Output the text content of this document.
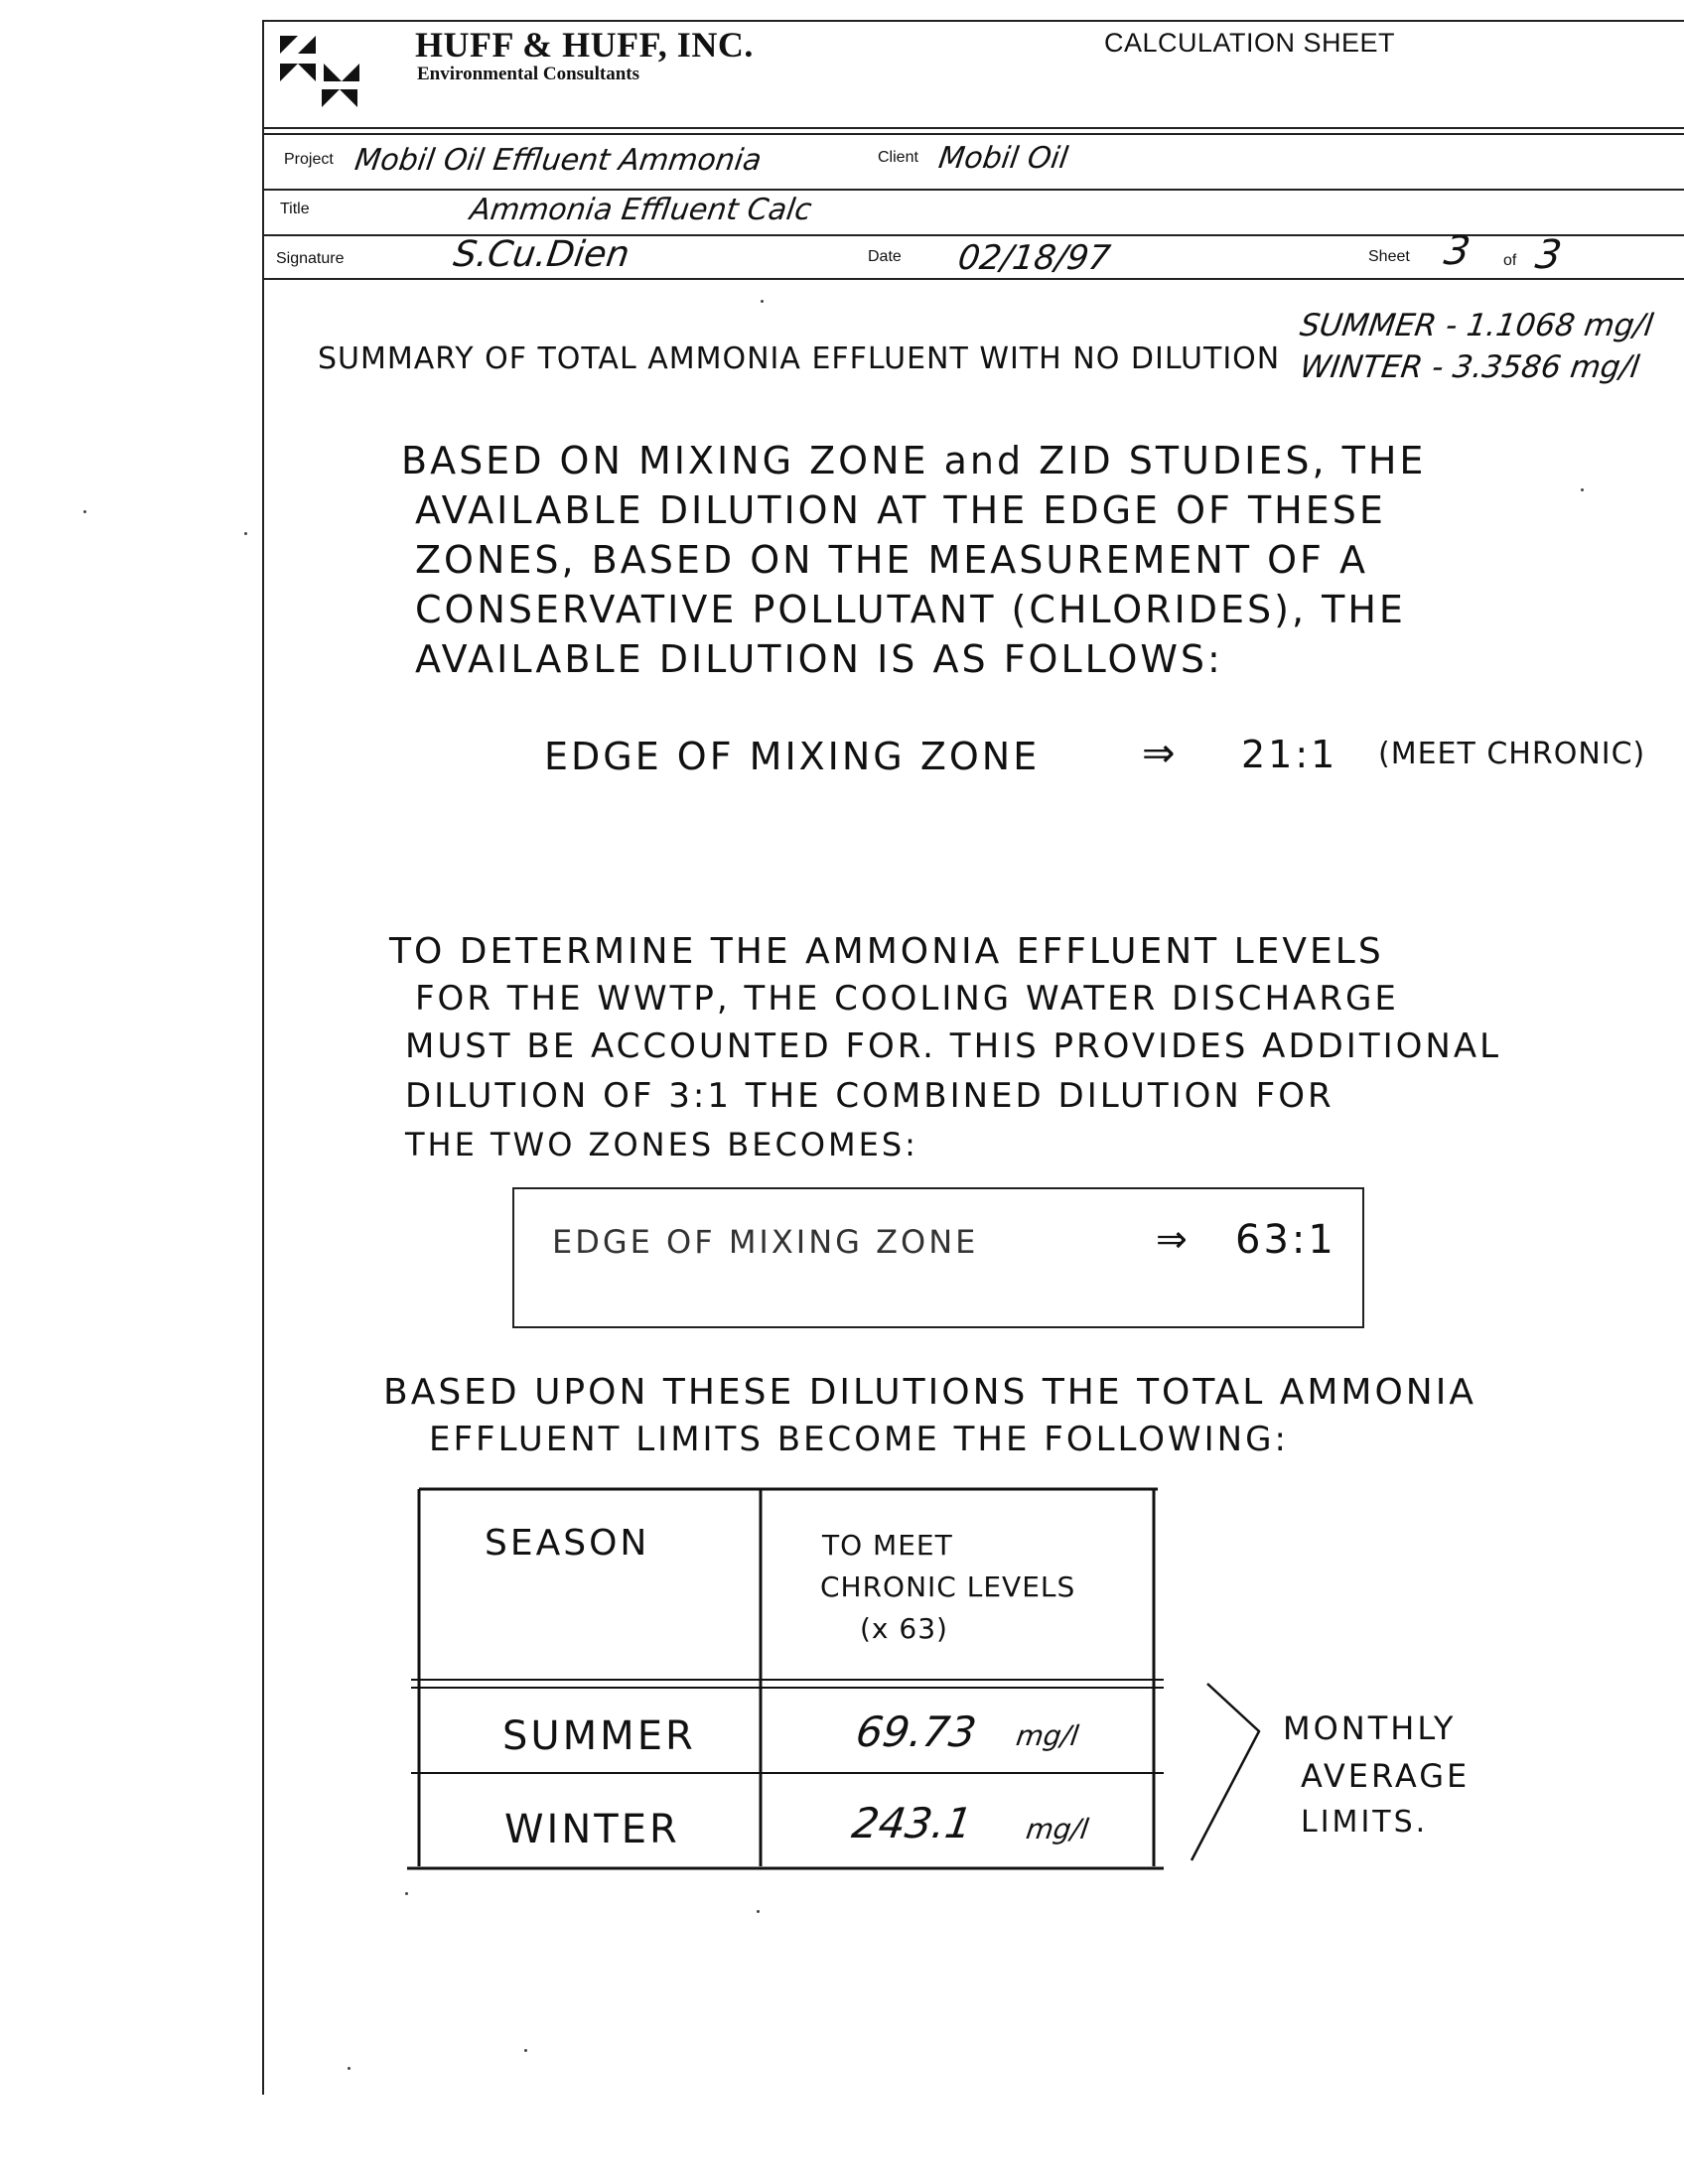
HUFF & HUFF, INC.
Environmental Consultants
CALCULATION SHEET
Project Mobil Oil Effluent Ammonia	Client Mobil Oil
Title	Ammonia Effluent Calc
Signature	S.Cu.Dien	Date 02/18/97	Sheet 3 of 3
SUMMARY OF TOTAL AMMONIA EFFLUENT WITH NO DILUTION
SUMMER - 1.1068 mg/l
WINTER - 3.3586 mg/l
BASED ON MIXING ZONE and ZID STUDIES, THE
AVAILABLE DILUTION AT THE EDGE OF THESE
ZONES, BASED ON THE MEASUREMENT OF A
CONSERVATIVE POLLUTANT (CHLORIDES), THE
AVAILABLE DILUTION IS AS FOLLOWS:
EDGE OF MIXING ZONE	⇒ 21:1 (MEET CHRONIC)
TO DETERMINE THE AMMONIA EFFLUENT LEVELS
FOR THE WWTP, THE COOLING WATER DISCHARGE
MUST BE ACCOUNTED FOR. THIS PROVIDES ADDITIONAL
DILUTION OF 3:1 THE COMBINED DILUTION FOR
THE TWO ZONES BECOMES:
EDGE OF MIXING ZONE	⇒ 63:1
BASED UPON THESE DILUTIONS THE TOTAL AMMONIA
EFFLUENT LIMITS BECOME THE FOLLOWING:
SEASON	TO MEET
CHRONIC LEVELS
(x 63)
SUMMER	69.73 mg/l
WINTER	243.1 mg/l
MONTHLY
AVERAGE
LIMITS.
